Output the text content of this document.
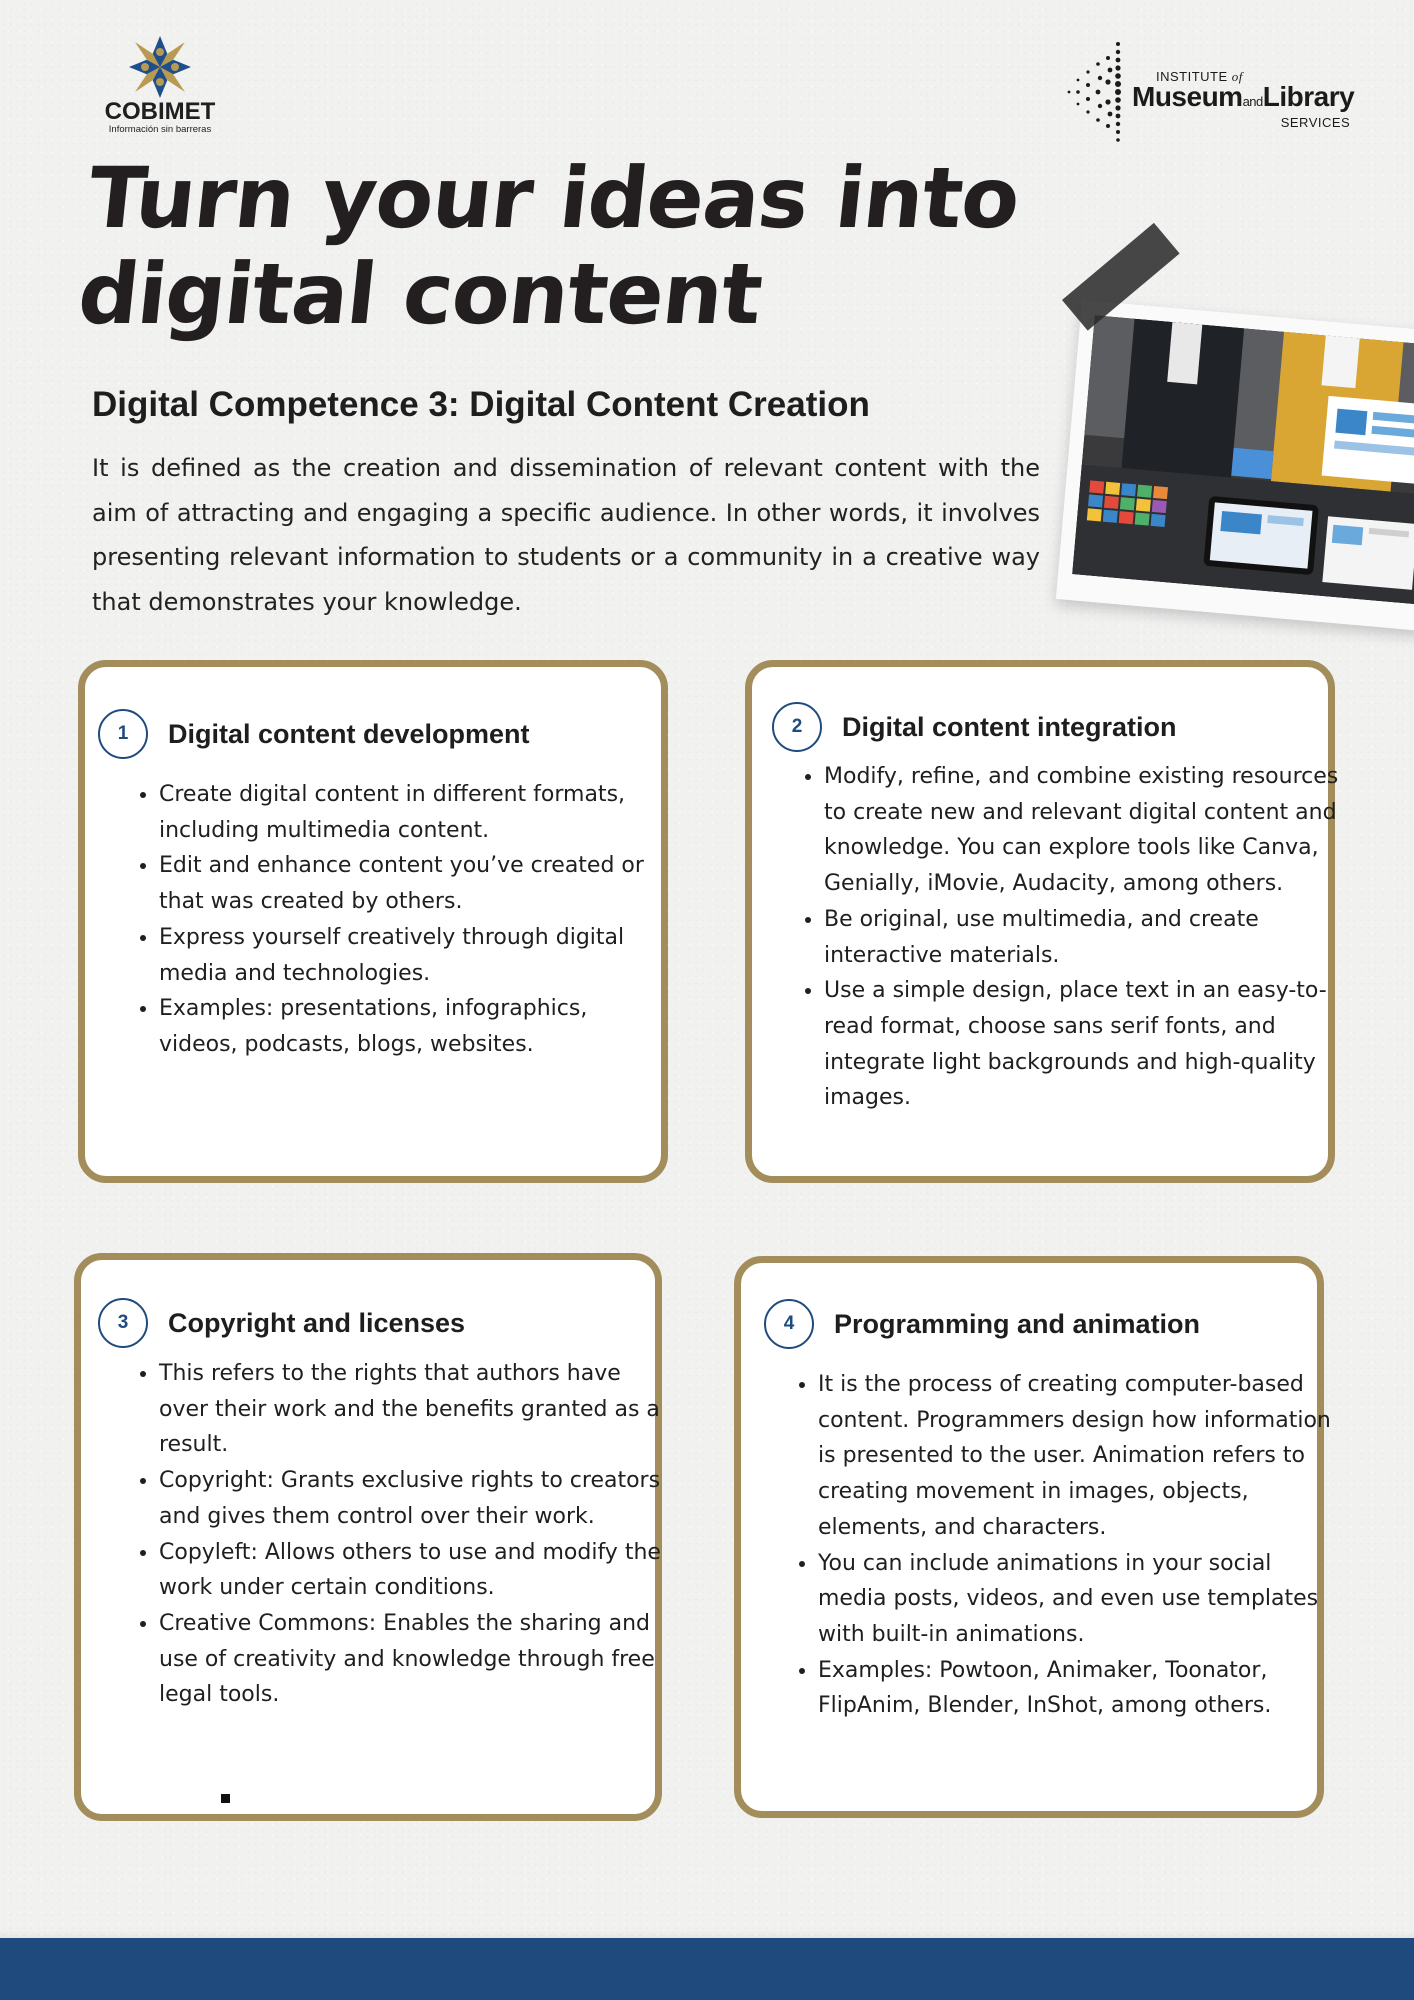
COBIMET
Información sin barreras
INSTITUTE of
MuseumandLibrary
SERVICES
Turn your ideas into digital content
Digital Competence 3: Digital Content Creation

It is defined as the creation and dissemination of relevant content with the aim of attracting and engaging a specific audience. In other words, it involves presenting relevant information to students or a community in a creative way that demonstrates your knowledge.

1	Digital content development
• Create digital content in different formats, including multimedia content.
• Edit and enhance content you’ve created or that was created by others.
• Express yourself creatively through digital media and technologies.
• Examples: presentations, infographics, videos, podcasts, blogs, websites.
2	Digital content integration
• Modify, refine, and combine existing resources to create new and relevant digital content and knowledge. You can explore tools like Canva, Genially, iMovie, Audacity, among others.
• Be original, use multimedia, and create interactive materials.
• Use a simple design, place text in an easy-to-read format, choose sans serif fonts, and integrate light backgrounds and high-quality images.
3	Copyright and licenses
• This refers to the rights that authors have over their work and the benefits granted as a result.
• Copyright: Grants exclusive rights to creators and gives them control over their work.
• Copyleft: Allows others to use and modify the work under certain conditions.
• Creative Commons: Enables the sharing and use of creativity and knowledge through free legal tools.
4	Programming and animation
• It is the process of creating computer-based content. Programmers design how information is presented to the user. Animation refers to creating movement in images, objects, elements, and characters.
• You can include animations in your social media posts, videos, and even use templates with built-in animations.
• Examples: Powtoon, Animaker, Toonator, FlipAnim, Blender, InShot, among others.
